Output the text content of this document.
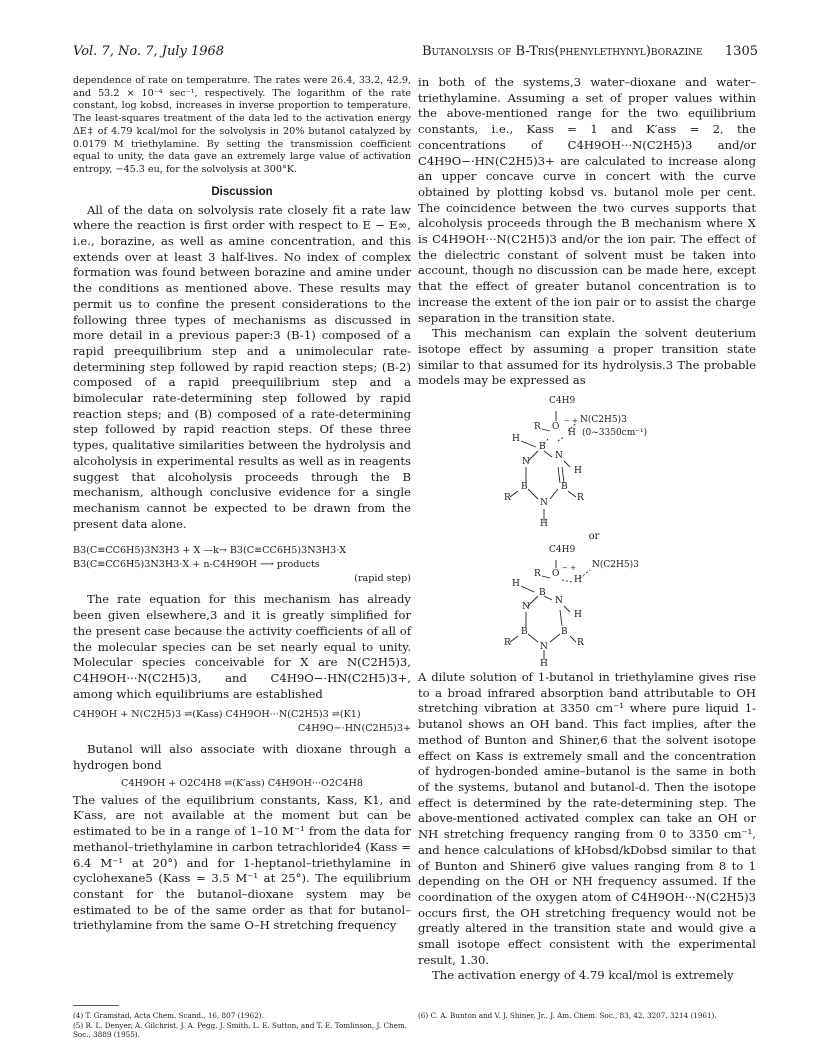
Vol. 7, No. 7, July 1968	Butanolysis of B-Tris(phenylethynyl)borazine 1305

dependence of rate on temperature. The rates were 26.4, 33.2, 42.9, and 53.2 × 10⁻⁴ sec⁻¹, respectively. The logarithm of the rate constant, log kobsd, increases in inverse proportion to temperature. The least-squares treatment of the data led to the activation energy ΔE‡ of 4.79 kcal/mol for the solvolysis in 20% butanol catalyzed by 0.0179 M triethylamine. By setting the transmission coefficient equal to unity, the data gave an extremely large value of activation entropy, −45.3 eu, for the solvolysis at 300°K.

Discussion

All of the data on solvolysis rate closely fit a rate law where the reaction is first order with respect to E − E∞, i.e., borazine, as well as amine concentration, and this extends over at least 3 half-lives. No index of complex formation was found between borazine and amine under the conditions as mentioned above. These results may permit us to confine the present considerations to the following three types of mechanisms as discussed in more detail in a previous paper:3 (B-1) composed of a rapid preequilibrium step and a unimolecular rate-determining step followed by rapid reaction steps; (B-2) composed of a rapid preequilibrium step and a bimolecular rate-determining step followed by rapid reaction steps; and (B) composed of a rate-determining step followed by rapid reaction steps. Of these three types, qualitative similarities between the hydrolysis and alcoholysis in experimental results as well as in reagents suggest that alcoholysis proceeds through the B mechanism, although conclusive evidence for a single mechanism cannot be expected to be drawn from the present data alone.

B3(C≡CC6H5)3N3H3 + X —k→ B3(C≡CC6H5)3N3H3·X
B3(C≡CC6H5)3N3H3·X + n-C4H9OH ⟶ products
(rapid step)

The rate equation for this mechanism has already been given elsewhere,3 and it is greatly simplified for the present case because the activity coefficients of all of the molecular species can be set nearly equal to unity. Molecular species conceivable for X are N(C2H5)3, C4H9OH···N(C2H5)3, and C4H9O−·HN(C2H5)3+, among which equilibriums are established

C4H9OH + N(C2H5)3 ⇌(Kass) C4H9OH···N(C2H5)3 ⇌(K1)
C4H9O−·HN(C2H5)3+

Butanol will also associate with dioxane through a hydrogen bond

C4H9OH + O2C4H8 ⇌(K′ass) C4H9OH···O2C4H8

The values of the equilibrium constants, Kass, K1, and K′ass, are not available at the moment but can be estimated to be in a range of 1–10 M⁻¹ from the data for methanol–triethylamine in carbon tetrachloride4 (Kass = 6.4 M⁻¹ at 20°) and for 1-heptanol–triethylamine in cyclohexane5 (Kass = 3.5 M⁻¹ at 25°). The equilibrium constant for the butanol–dioxane system may be estimated to be of the same order as that for butanol–triethylamine from the same O–H stretching frequency

in both of the systems,3 water–dioxane and water–triethylamine. Assuming a set of proper values within the above-mentioned range for the two equilibrium constants, i.e., Kass = 1 and K′ass = 2, the concentrations of C4H9OH···N(C2H5)3 and/or C4H9O−·HN(C2H5)3+ are calculated to increase along an upper concave curve in concert with the curve obtained by plotting kobsd vs. butanol mole per cent. The coincidence between the two curves supports that alcoholysis proceeds through the B mechanism where X is C4H9OH···N(C2H5)3 and/or the ion pair. The effect of the dielectric constant of solvent must be taken into account, though no discussion can be made here, except that the effect of greater butanol concentration is to increase the extent of the ion pair or to assist the charge separation in the transition state.

This mechanism can explain the solvent deuterium isotope effect by assuming a proper transition state similar to that assumed for its hydrolysis.3 The probable models may be expressed as

C4H9
R O
− + N(C2H5)3
H (0~3350cm⁻¹)
H
B
N
N
H
R
B	B
R
N
H

or

C4H9
R O
− + N(C2H5)3
H
H
B
N
N
H
R
B	B
R
N
H

A dilute solution of 1-butanol in triethylamine gives rise to a broad infrared absorption band attributable to OH stretching vibration at 3350 cm⁻¹ where pure liquid 1-butanol shows an OH band. This fact implies, after the method of Bunton and Shiner,6 that the solvent isotope effect on Kass is extremely small and the concentration of hydrogen-bonded amine–butanol is the same in both of the systems, butanol and butanol-d. Then the isotope effect is determined by the rate-determining step. The above-mentioned activated complex can take an OH or NH stretching frequency ranging from 0 to 3350 cm⁻¹, and hence calculations of kHobsd/kDobsd similar to that of Bunton and Shiner6 give values ranging from 8 to 1 depending on the OH or NH frequency assumed. If the coordination of the oxygen atom of C4H9OH···N(C2H5)3 occurs first, the OH stretching frequency would not be greatly altered in the transition state and would give a small isotope effect consistent with the experimental result, 1.30.

The activation energy of 4.79 kcal/mol is extremely

(4) T. Gramstad, Acta Chem. Scand., 16, 807 (1962).
(5) R. L. Denyer, A. Gilchrist, J. A. Pegg, J. Smith, L. E. Sutton, and T. E. Tomlinson, J. Chem. Soc., 3889 (1955).
(6) C. A. Bunton and V. J. Shiner, Jr., J. Am. Chem. Soc., 83, 42, 3207, 3214 (1961).
